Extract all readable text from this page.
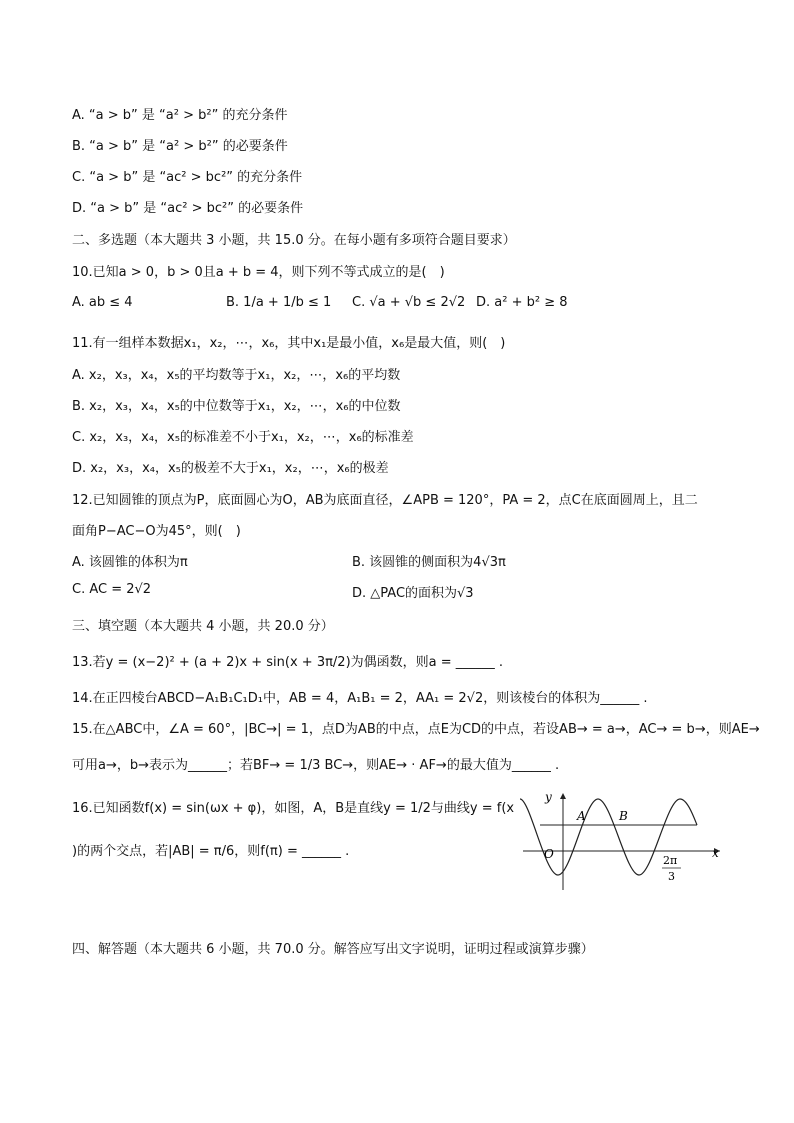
A. “a > b” 是 “a² > b²” 的充分条件
B. “a > b” 是 “a² > b²” 的必要条件
C. “a > b” 是 “ac² > bc²” 的充分条件
D. “a > b” 是 “ac² > bc²” 的必要条件
二、多选题（本大题共 3 小题，共 15.0 分。在每小题有多项符合题目要求）
10.已知a > 0，b > 0且a + b = 4，则下列不等式成立的是(　)
A. ab ≤ 4	B. 1/a + 1/b ≤ 1 C. √a + √b ≤ 2√2 D. a² + b² ≥ 8
11.有一组样本数据x₁，x₂，⋯，x₆，其中x₁是最小值，x₆是最大值，则(　)
A. x₂，x₃，x₄，x₅的平均数等于x₁，x₂，⋯，x₆的平均数
B. x₂，x₃，x₄，x₅的中位数等于x₁，x₂，⋯，x₆的中位数
C. x₂，x₃，x₄，x₅的标准差不小于x₁，x₂，⋯，x₆的标准差
D. x₂，x₃，x₄，x₅的极差不大于x₁，x₂，⋯，x₆的极差
12.已知圆锥的顶点为P，底面圆心为O，AB为底面直径，∠APB = 120°，PA = 2，点C在底面圆周上，且二
面角P−AC−O为45°，则(　)
A. 该圆锥的体积为π	B. 该圆锥的侧面积为4√3π
C. AC = 2√2	D. △PAC的面积为√3
三、填空题（本大题共 4 小题，共 20.0 分）
13.若y = (x−2)² + (a + 2)x + sin(x + 3π/2)为偶函数，则a = ______ .
14.在正四棱台ABCD−A₁B₁C₁D₁中，AB = 4，A₁B₁ = 2，AA₁ = 2√2，则该棱台的体积为______ .
15.在△ABC中，∠A = 60°，|BC→| = 1，点D为AB的中点，点E为CD的中点，若设AB→ = a→，AC→ = b→，则AE→
可用a→，b→表示为______；若BF→ = 1/3 BC→，则AE→ · AF→的最大值为______ .
16.已知函数f(x) = sin(ωx + φ)，如图，A，B是直线y = 1/2与曲线y = f(x
)的两个交点，若|AB| = π/6，则f(π) = ______ .
y
x
O
A	B
2π
3
四、解答题（本大题共 6 小题，共 70.0 分。解答应写出文字说明，证明过程或演算步骤）
